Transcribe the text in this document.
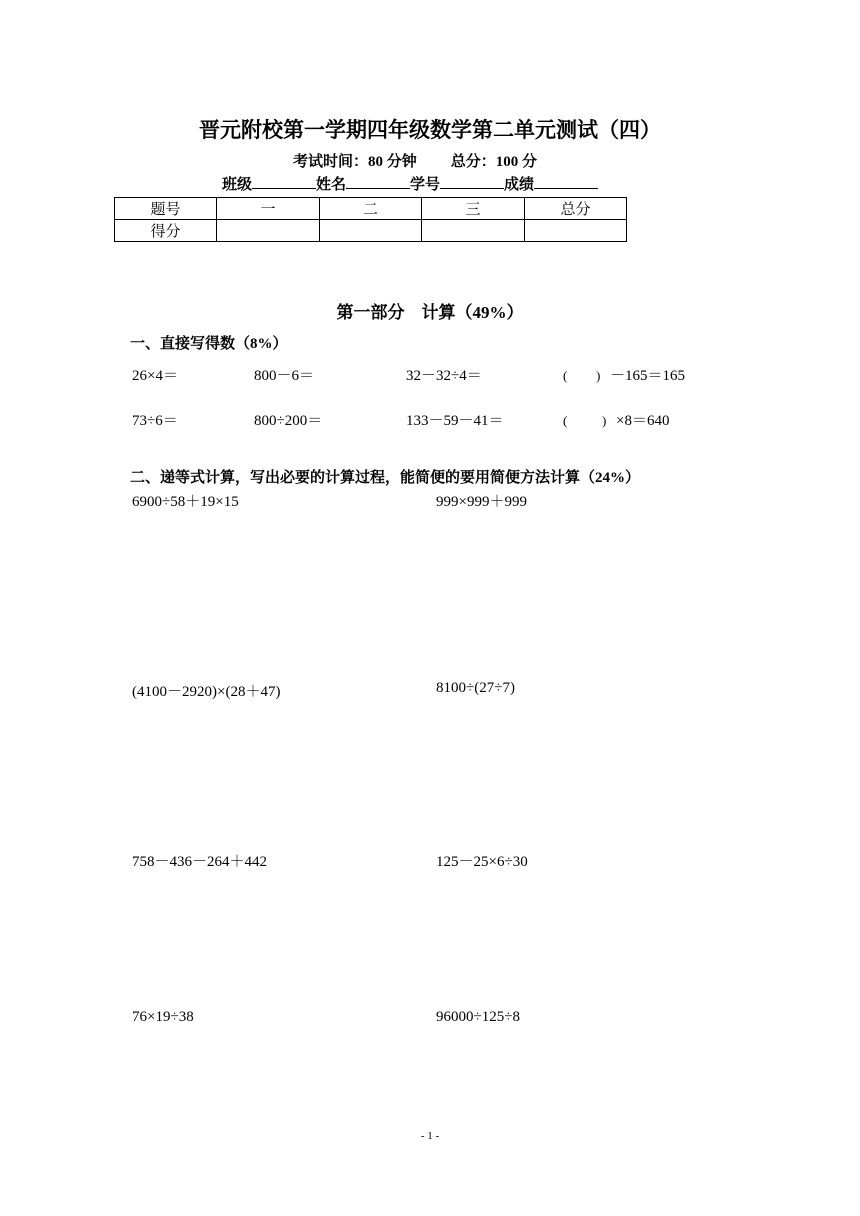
晋元附校第一学期四年级数学第二单元测试（四）
考试时间：80 分钟 总分：100 分
班级	姓名	学号	成绩
题号	一	二	三	总分
得分				
第一部分　计算（49%）
一、直接写得数（8%）
26×4＝	800－6＝	32－32÷4＝	( ) －165＝165
73÷6＝	800÷200＝	133－59－41＝	(	) ×8＝640
二、递等式计算，写出必要的计算过程，能简便的要用简便方法计算（24%）
6900÷58＋19×15	999×999＋999
(4100－2920)×(28＋47)	8100÷(27÷7)
758－436－264＋442	125－25×6÷30
76×19÷38	96000÷125÷8
- 1 -
